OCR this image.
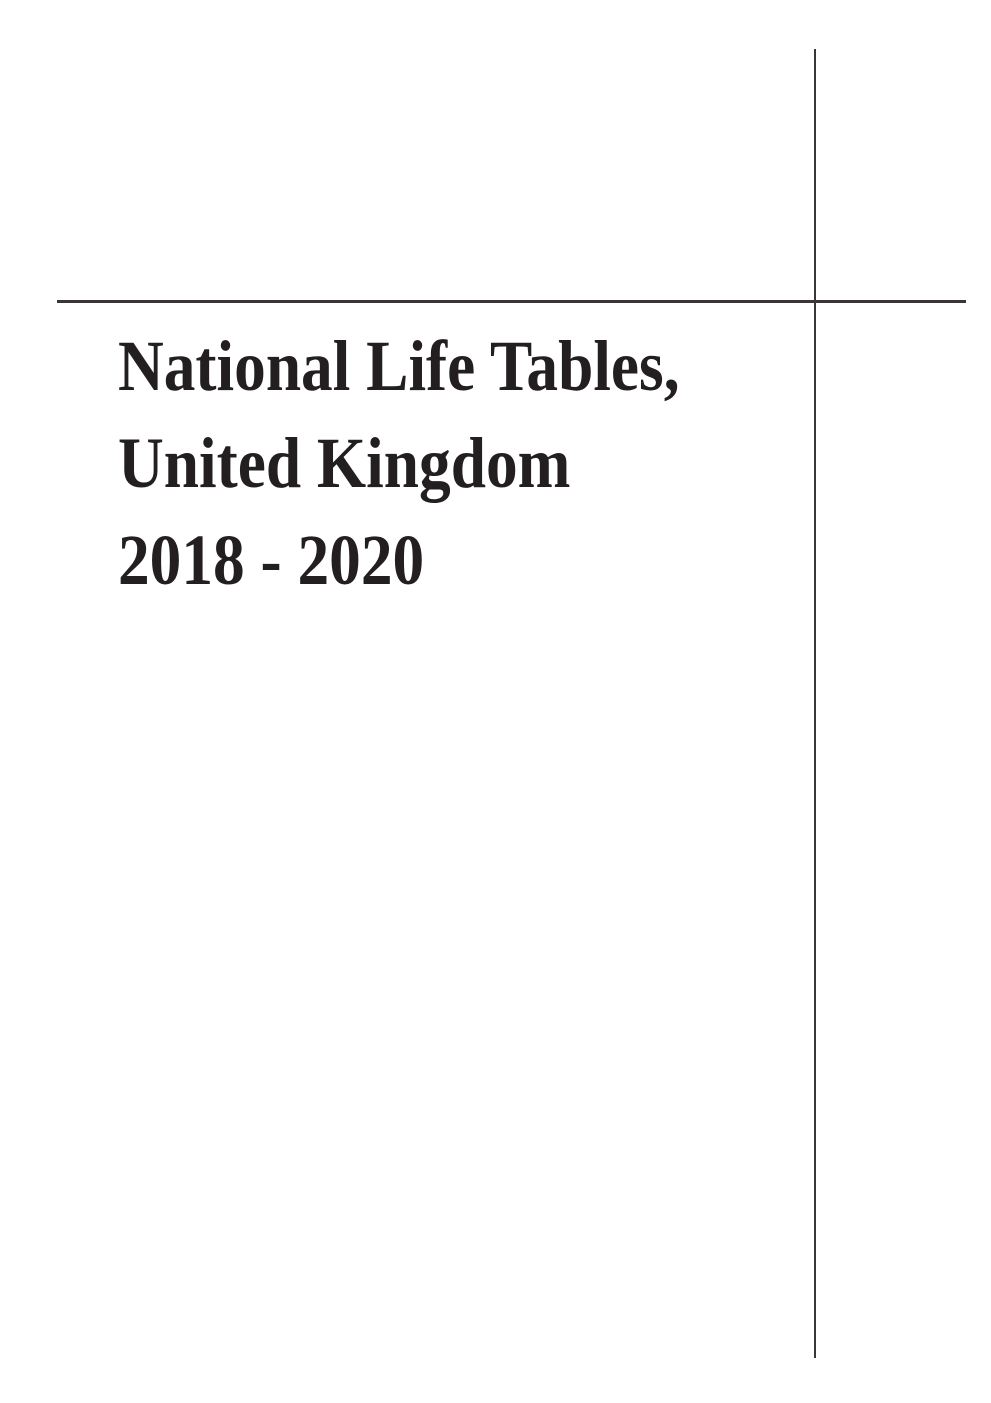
National Life Tables,
United Kingdom
2018 - 2020
